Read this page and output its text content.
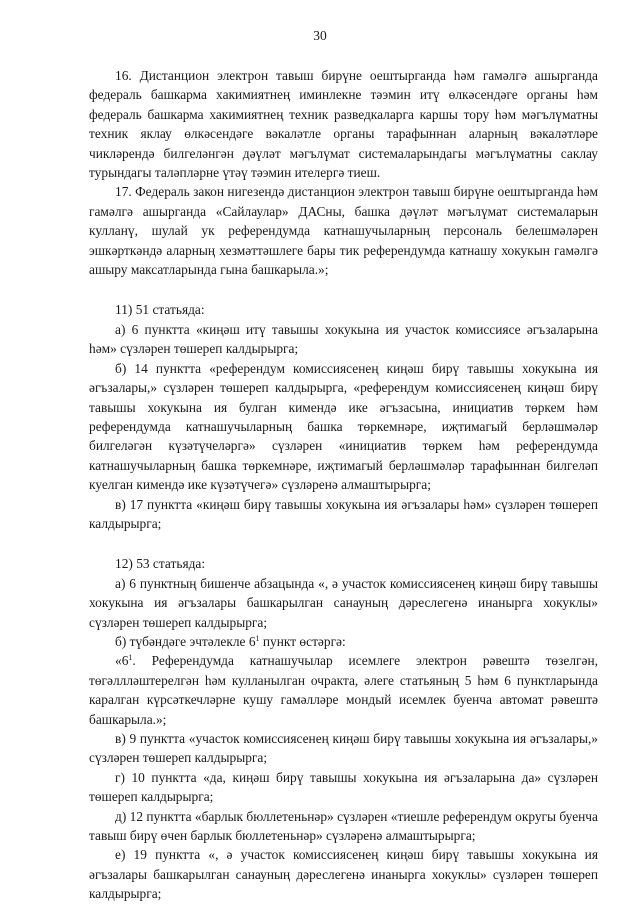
30

16. Дистанцион электрон тавыш бирүне оештырганда һәм гамәлгә ашырганда федераль башкарма хакимиятнең иминлекне тәэмин итү өлкәсендәге органы һәм федераль башкарма хакимиятнең техник разведкаларга каршы тору һәм мәгълүматны техник яклау өлкәсендәге вәкаләтле органы тарафыннан аларның вәкаләтләре чикләрендә билгеләнгән дәүләт мәгълүмат системаларындагы мәгълүматны саклау турындагы таләпләрне үтәү тәэмин ителергә тиеш.

17. Федераль закон нигезендә дистанцион электрон тавыш бирүне оештырганда һәм гамәлгә ашырганда «Сайлаулар» ДАСны, башка дәүләт мәгълүмат системаларын кулланү, шулай ук референдумда катнашучыларның персональ белешмәләрен эшкәрткәндә аларның хезмәттәшлеге бары тик референдумда катнашу хокукын гамәлгә ашыру максатларында гына башкарыла.»;

11) 51 статьяда:

а) 6 пунктта «киңәш итү тавышы хокукына ия участок комиссиясе әгъзаларына һәм» сүзләрен төшереп калдырырга;

б) 14 пунктта «референдум комиссиясенең киңәш бирү тавышы хокукына ия әгъзалары,» сүзләрен төшереп калдырырга, «референдум комиссиясенең киңәш бирү тавышы хокукына ия булган кимендә ике әгъзасына, инициатив төркем һәм референдумда катнашучыларның башка төркемнәре, иҗтимагый берләшмәләр билгеләгән күзәтүчеләргә» сүзләрен «инициатив төркем һәм референдумда катнашучыларның башка төркемнәре, иҗтимагый берләшмәләр тарафыннан билгеләп куелган кимендә ике күзәтүчегә» сүзләренә алмаштырырга;

в) 17 пунктта «киңәш бирү тавышы хокукына ия әгъзалары һәм» сүзләрен төшереп калдырырга;

12) 53 статьяда:

а) 6 пунктның бишенче абзацында «, ә участок комиссиясенең киңәш бирү тавышы хокукына ия әгъзалары башкарылган санауның дәреслегенә инанырга хокуклы» сүзләрен төшереп калдырырга;

б) түбәндәге эчтәлекле $6^1$ пункт өстәргә:

«$6^1$. Референдумда катнашучылар исемлеге электрон рәвештә төзелгән, төгәллләштерелгән һәм кулланылган очракта, әлеге статьяның 5 һәм 6 пунктларында каралган күрсәткечләрне кушу гамәлләре мондый исемлек буенча автомат рәвештә башкарыла.»;

в) 9 пунктта «участок комиссиясенең киңәш бирү тавышы хокукына ия әгъзалары,» сүзләрен төшереп калдырырга;

г) 10 пунктта «да, киңәш бирү тавышы хокукына ия әгъзаларына да» сүзләрен төшереп калдырырга;

д) 12 пунктта «барлык бюллетеньнәр» сүзләрен «тиешле референдум округы буенча тавыш бирү өчен барлык бюллетеньнәр» сүзләренә алмаштырырга;

е) 19 пунктта «, ә участок комиссиясенең киңәш бирү тавышы хокукына ия әгъзалары башкарылган санауның дәреслегенә инанырга хокуклы» сүзләрен төшереп калдырырга;
